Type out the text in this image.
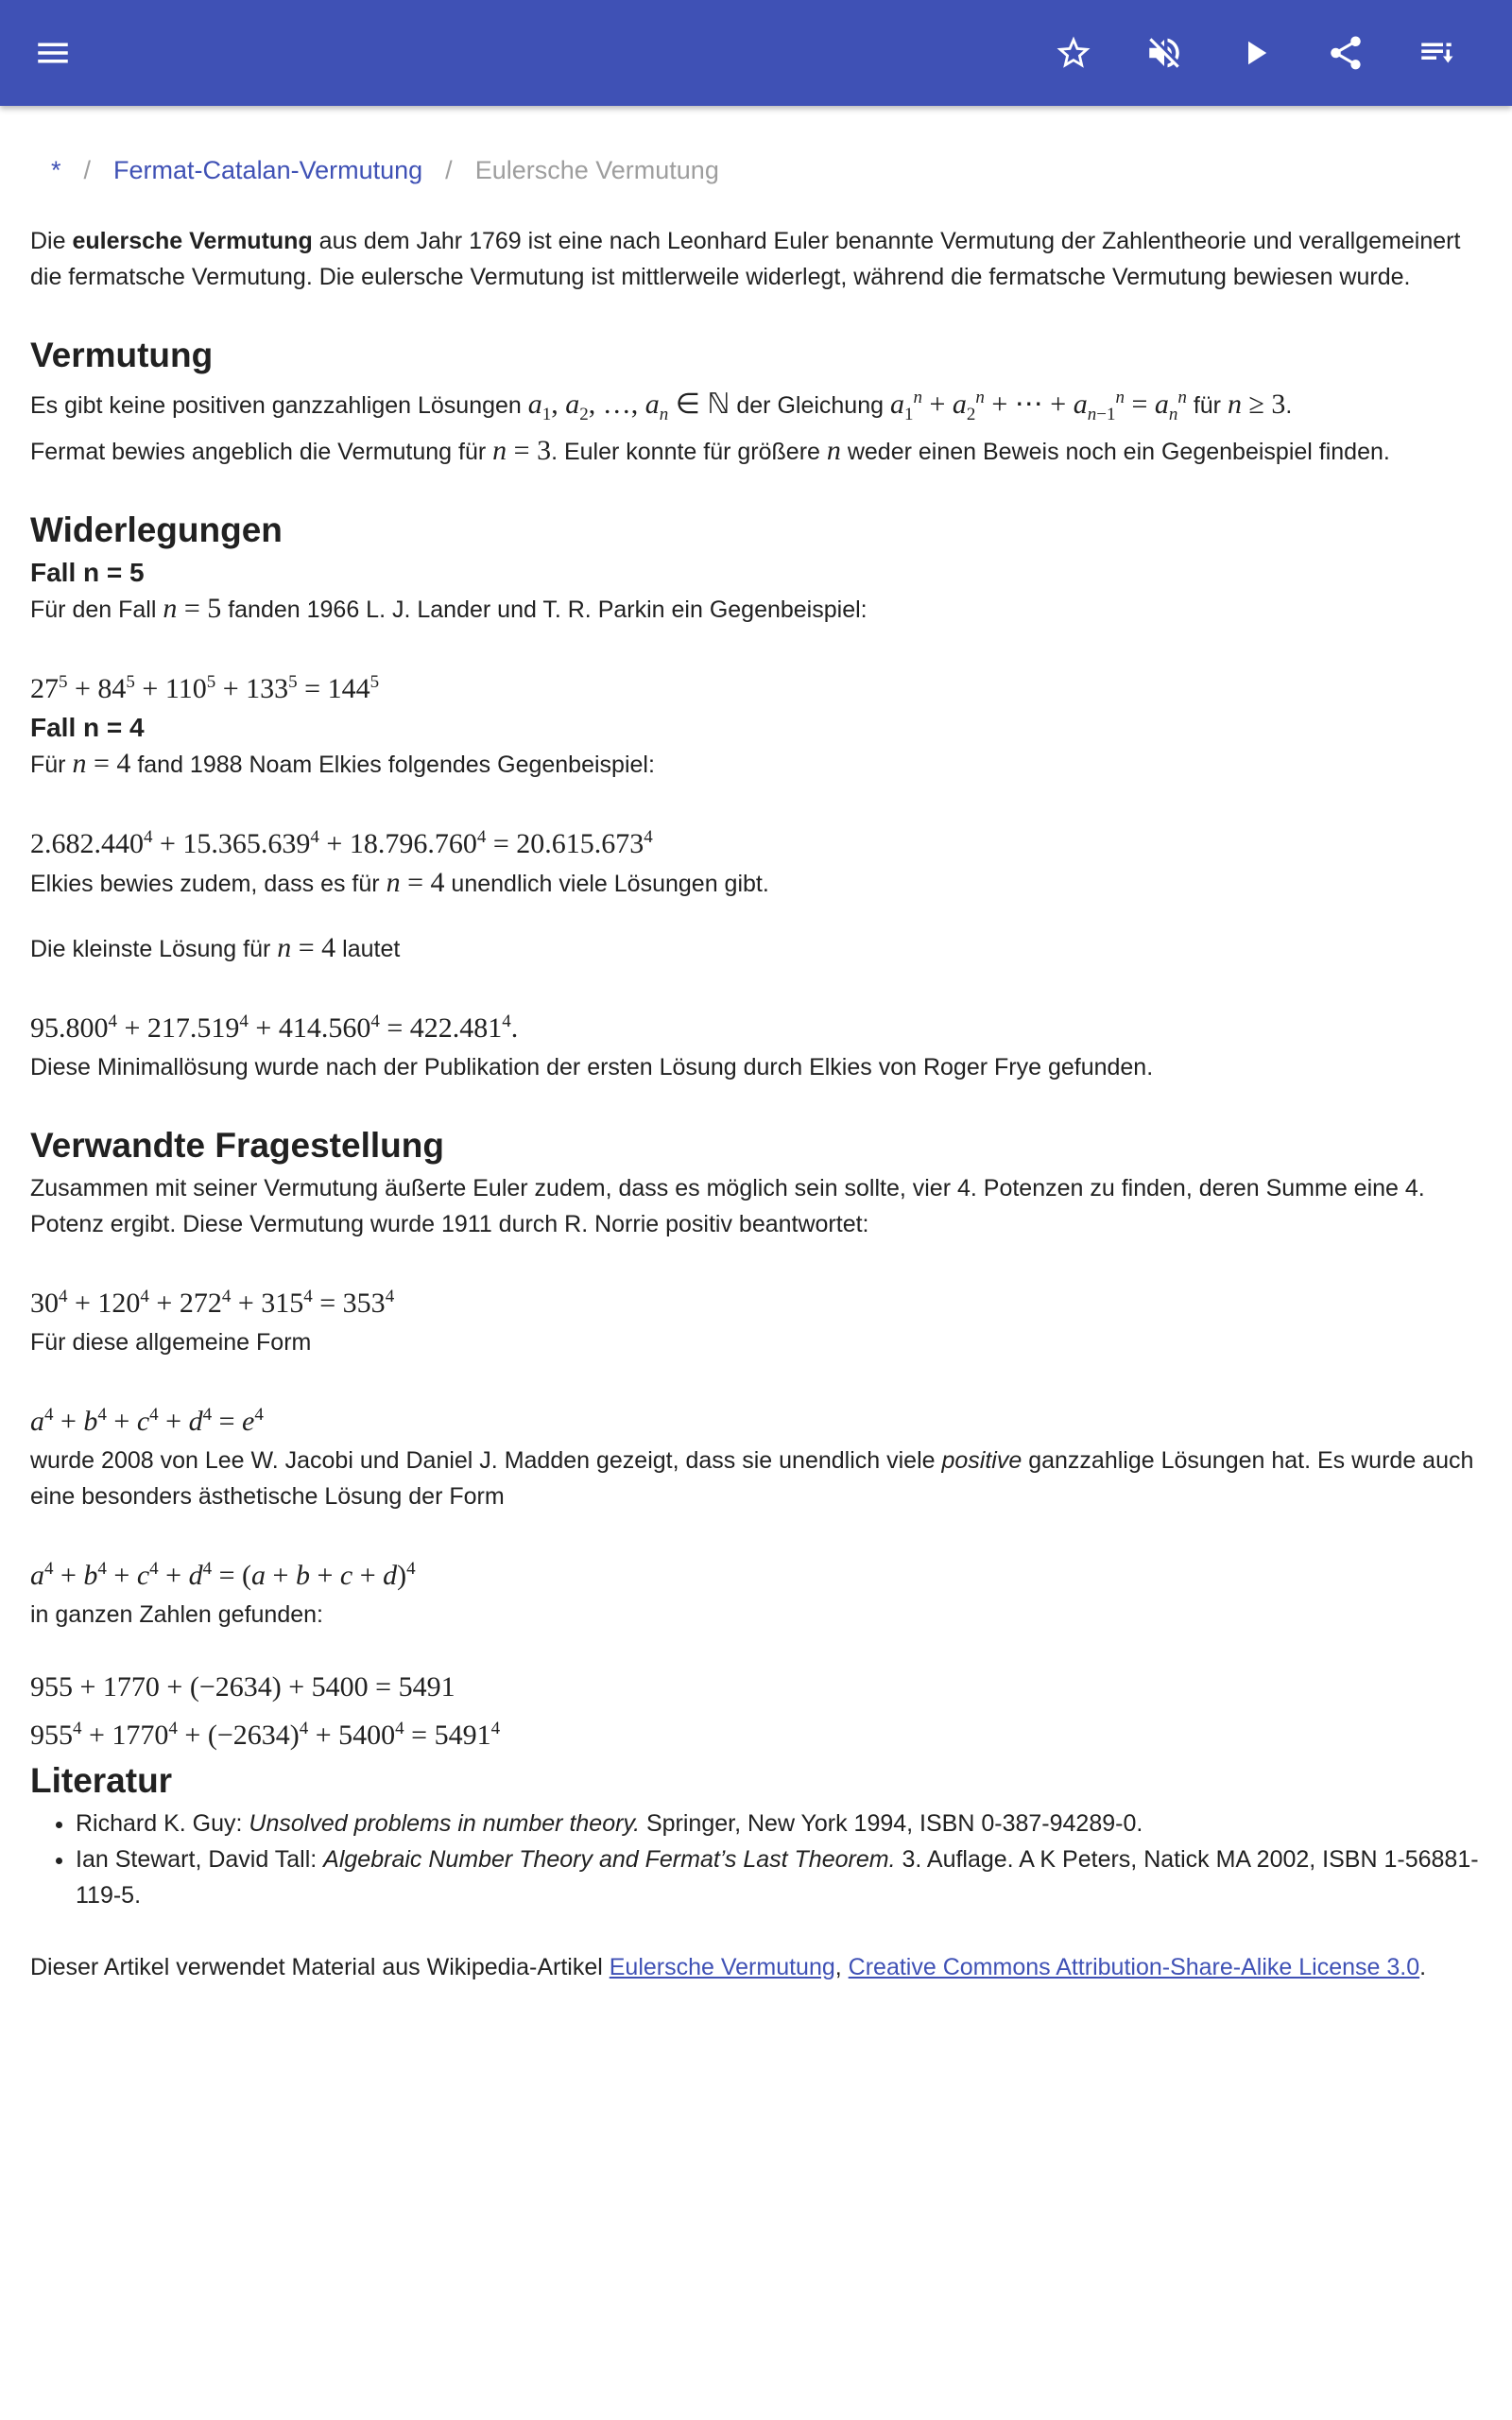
* / Fermat-Catalan-Vermutung / Eulersche Vermutung

Die eulersche Vermutung aus dem Jahr 1769 ist eine nach Leonhard Euler benannte Vermutung der Zahlentheorie und verallgemeinert die fermatsche Vermutung. Die eulersche Vermutung ist mittlerweile widerlegt, während die fermatsche Vermutung bewiesen wurde.

Vermutung

Es gibt keine positiven ganzzahligen Lösungen $a_1$, $a_2$, …, $a_n$ ∈ ℕ der Gleichung $a_1^n + a_2^n$ + ⋯ + $a_{n-1}^n = a_n^n$ für n ≥ 3.
Fermat bewies angeblich die Vermutung für n = 3. Euler konnte für größere n weder einen Beweis noch ein Gegenbeispiel finden.

Widerlegungen
Fall n = 5

Für den Fall n = 5 fanden 1966 L. J. Lander und T. R. Parkin ein Gegenbeispiel:

$27^5 + 84^5 + 110^5 + 133^5 = 144^5$
Fall n = 4

Für n = 4 fand 1988 Noam Elkies folgendes Gegenbeispiel:

$2.682.440^4 + 15.365.639^4 + 18.796.760^4 = 20.615.673^4$

Elkies bewies zudem, dass es für n = 4 unendlich viele Lösungen gibt.

Die kleinste Lösung für n = 4 lautet

$95.800^4 + 217.519^4 + 414.560^4 = 422.481^4$.

Diese Minimallösung wurde nach der Publikation der ersten Lösung durch Elkies von Roger Frye gefunden.

Verwandte Fragestellung

Zusammen mit seiner Vermutung äußerte Euler zudem, dass es möglich sein sollte, vier 4. Potenzen zu finden, deren Summe eine 4. Potenz ergibt. Diese Vermutung wurde 1911 durch R. Norrie positiv beantwortet:

$30^4 + 120^4 + 272^4 + 315^4 = 353^4$

Für diese allgemeine Form

$a^4 + b^4 + c^4 + d^4 = e^4$

wurde 2008 von Lee W. Jacobi und Daniel J. Madden gezeigt, dass sie unendlich viele positive ganzzahlige Lösungen hat. Es wurde auch eine besonders ästhetische Lösung der Form

$a^4 + b^4 + c^4 + d^4 = (a + b + c + d)^4$

in ganzen Zahlen gefunden:

955 + 1770 + (−2634) + 5400 = 5491
$955^4 + 1770^4 + (-2634)^4 + 5400^4 = 5491^4$
Literatur
• Richard K. Guy: Unsolved problems in number theory. Springer, New York 1994, ISBN 0-387-94289-0.
• Ian Stewart, David Tall: Algebraic Number Theory and Fermat’s Last Theorem. 3. Auflage. A K Peters, Natick MA 2002, ISBN 1-56881-119-5.

Dieser Artikel verwendet Material aus Wikipedia-Artikel Eulersche Vermutung, Creative Commons Attribution-Share-Alike License 3.0.
